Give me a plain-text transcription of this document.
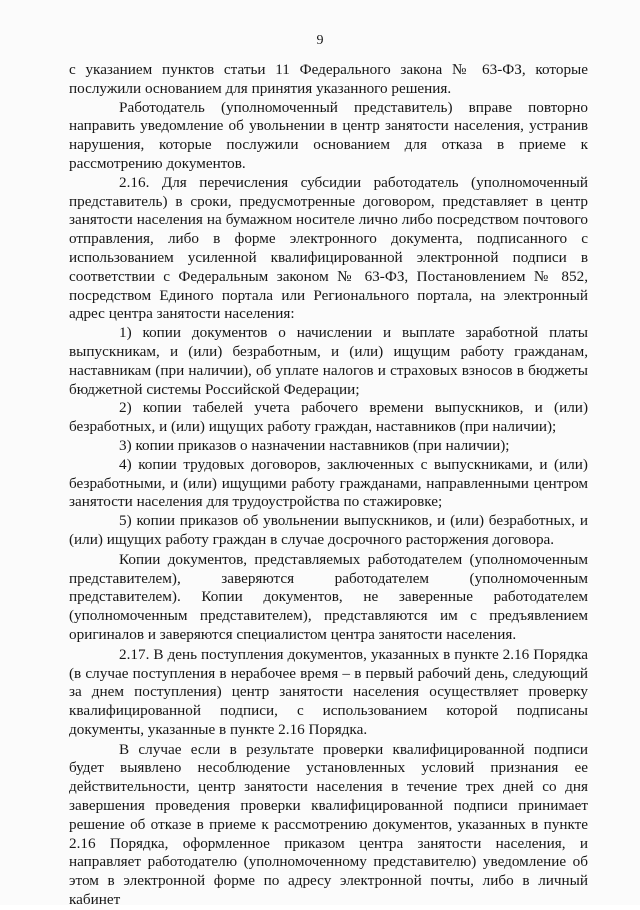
9

с указанием пунктов статьи 11 Федерального закона № 63-ФЗ, которые послужили основанием для принятия указанного решения.

Работодатель (уполномоченный представитель) вправе повторно направить уведомление об увольнении в центр занятости населения, устранив нарушения, которые послужили основанием для отказа в приеме к рассмотрению документов.

2.16. Для перечисления субсидии работодатель (уполномоченный представитель) в сроки, предусмотренные договором, представляет в центр занятости населения на бумажном носителе лично либо посредством почтового отправления, либо в форме электронного документа, подписанного с использованием усиленной квалифицированной электронной подписи в соответствии с Федеральным законом № 63-ФЗ, Постановлением № 852, посредством Единого портала или Регионального портала, на электронный адрес центра занятости населения:

1) копии документов о начислении и выплате заработной платы выпускникам, и (или) безработным, и (или) ищущим работу гражданам, наставникам (при наличии), об уплате налогов и страховых взносов в бюджеты бюджетной системы Российской Федерации;

2) копии табелей учета рабочего времени выпускников, и (или) безработных, и (или) ищущих работу граждан, наставников (при наличии);

3) копии приказов о назначении наставников (при наличии);

4) копии трудовых договоров, заключенных с выпускниками, и (или) безработными, и (или) ищущими работу гражданами, направленными центром занятости населения для трудоустройства по стажировке;

5) копии приказов об увольнении выпускников, и (или) безработных, и (или) ищущих работу граждан в случае досрочного расторжения договора.

Копии документов, представляемых работодателем (уполномоченным представителем), заверяются работодателем (уполномоченным представителем). Копии документов, не заверенные работодателем (уполномоченным представителем), представляются им с предъявлением оригиналов и заверяются специалистом центра занятости населения.

2.17. В день поступления документов, указанных в пункте 2.16 Порядка (в случае поступления в нерабочее время – в первый рабочий день, следующий за днем поступления) центр занятости населения осуществляет проверку квалифицированной подписи, с использованием которой подписаны документы, указанные в пункте 2.16 Порядка.

В случае если в результате проверки квалифицированной подписи будет выявлено несоблюдение установленных условий признания ее действительности, центр занятости населения в течение трех дней со дня завершения проведения проверки квалифицированной подписи принимает решение об отказе в приеме к рассмотрению документов, указанных в пункте 2.16 Порядка, оформленное приказом центра занятости населения, и направляет работодателю (уполномоченному представителю) уведомление об этом в электронной форме по адресу электронной почты, либо в личный кабинет
